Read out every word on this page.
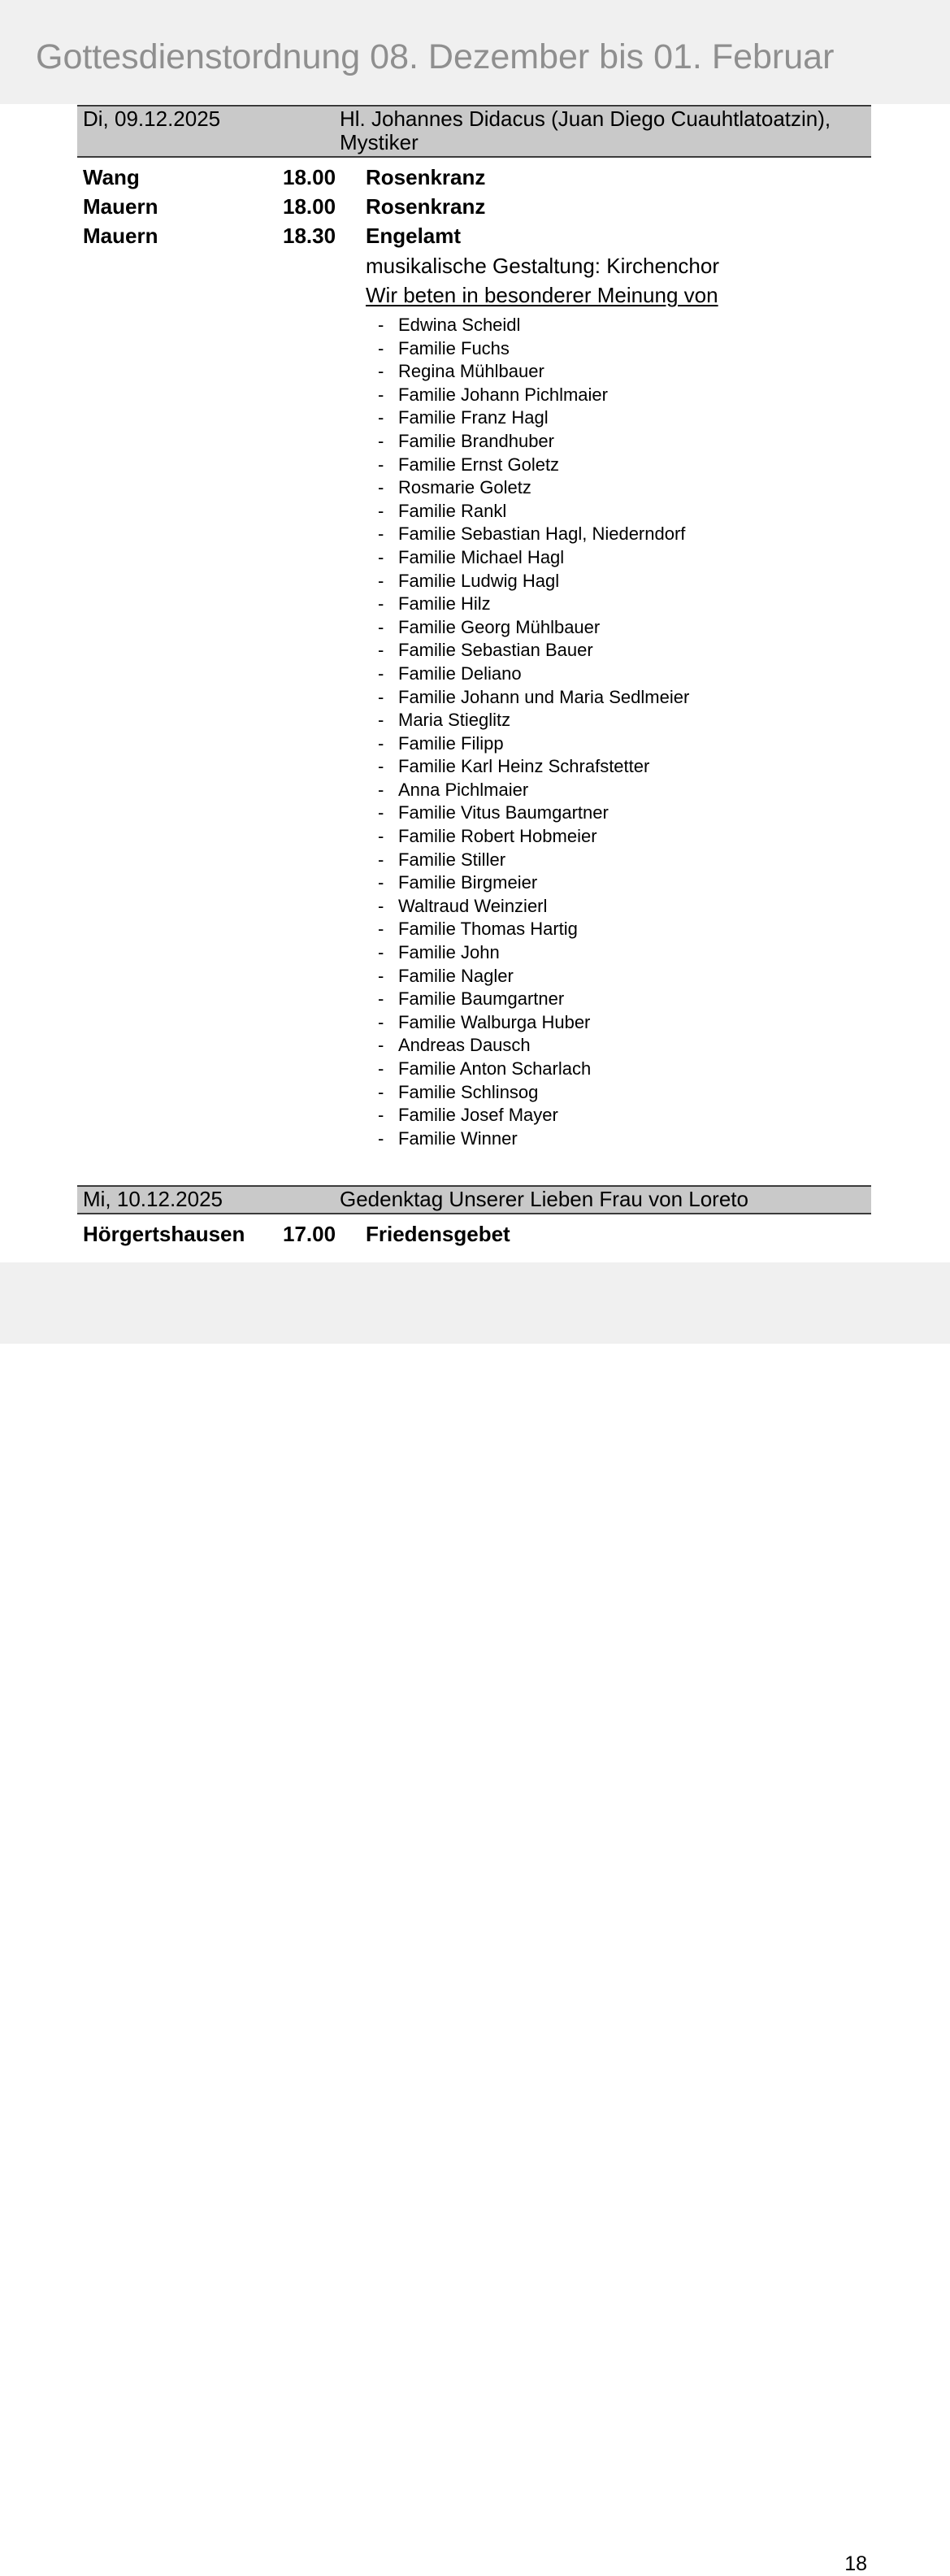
Gottesdienstordnung 08. Dezember bis 01. Februar
Di, 09.12.2025	Hl. Johannes Didacus (Juan Diego Cuauhtlatoatzin),
Mystiker
Wang	18.00	Rosenkranz
Mauern	18.00	Rosenkranz
Mauern	18.30	Engelamt
musikalische Gestaltung: Kirchenchor
Wir beten in besonderer Meinung von
- Edwina Scheidl
- Familie Fuchs
- Regina Mühlbauer
- Familie Johann Pichlmaier
- Familie Franz Hagl
- Familie Brandhuber
- Familie Ernst Goletz
- Rosmarie Goletz
- Familie Rankl
- Familie Sebastian Hagl, Niederndorf
- Familie Michael Hagl
- Familie Ludwig Hagl
- Familie Hilz
- Familie Georg Mühlbauer
- Familie Sebastian Bauer
- Familie Deliano
- Familie Johann und Maria Sedlmeier
- Maria Stieglitz
- Familie Filipp
- Familie Karl Heinz Schrafstetter
- Anna Pichlmaier
- Familie Vitus Baumgartner
- Familie Robert Hobmeier
- Familie Stiller
- Familie Birgmeier
- Waltraud Weinzierl
- Familie Thomas Hartig
- Familie John
- Familie Nagler
- Familie Baumgartner
- Familie Walburga Huber
- Andreas Dausch
- Familie Anton Scharlach
- Familie Schlinsog
- Familie Josef Mayer
- Familie Winner
Mi, 10.12.2025	Gedenktag Unserer Lieben Frau von Loreto
Hörgertshausen	17.00	Friedensgebet
18
